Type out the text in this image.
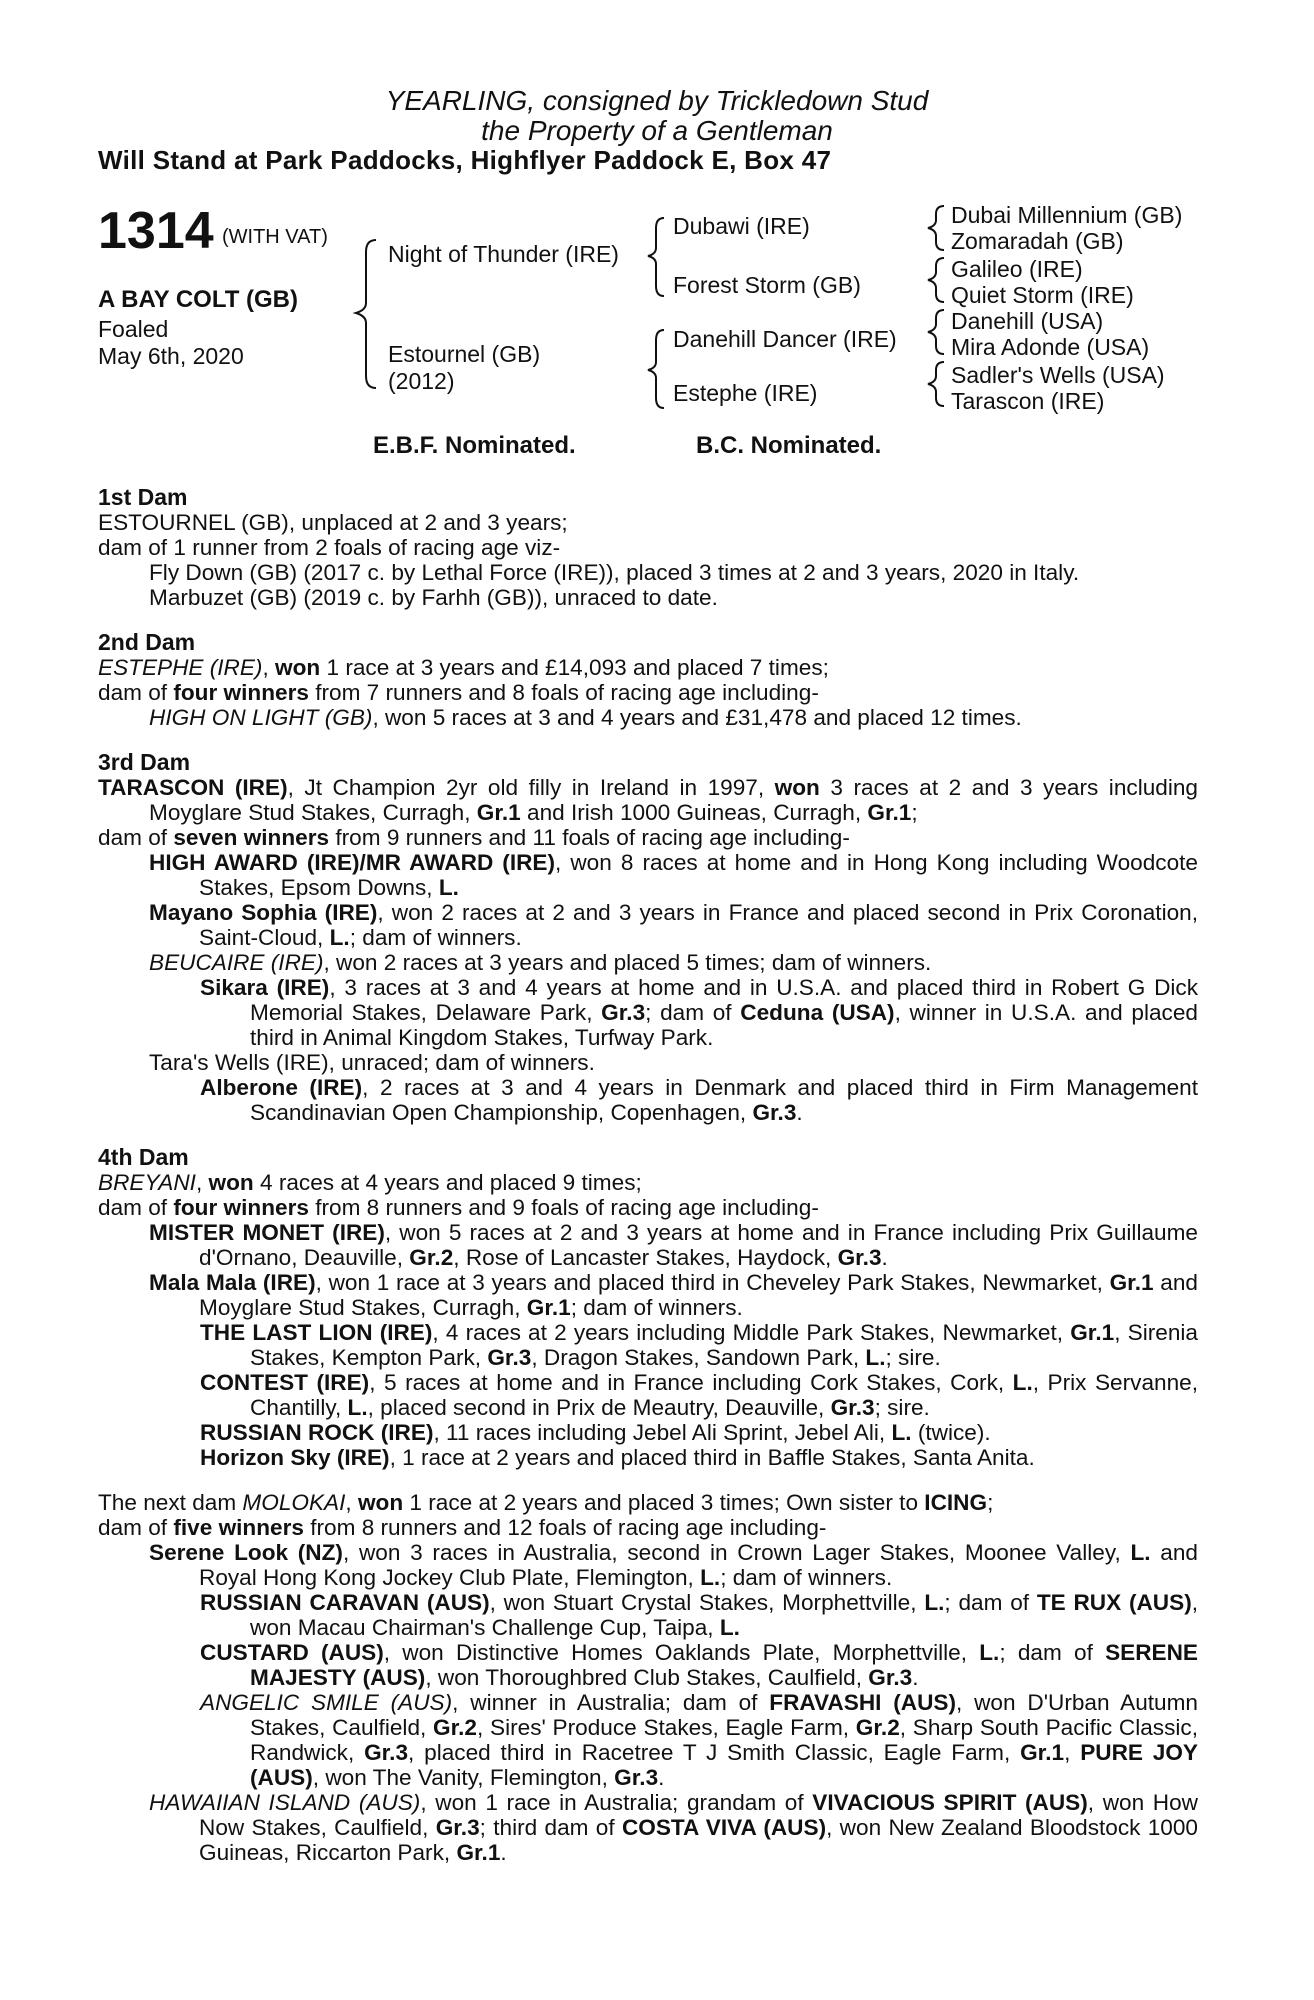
YEARLING, consigned by Trickledown Stud
the Property of a Gentleman
Will Stand at Park Paddocks, Highflyer Paddock E, Box 47
1314 (WITH VAT)
A BAY COLT (GB)
Foaled
May 6th, 2020
Night of Thunder (IRE)
Estournel (GB)
(2012)
Dubawi (IRE)
Forest Storm (GB)
Danehill Dancer (IRE)
Estephe (IRE)
Dubai Millennium (GB)
Zomaradah (GB)
Galileo (IRE)
Quiet Storm (IRE)
Danehill (USA)
Mira Adonde (USA)
Sadler's Wells (USA)
Tarascon (IRE)
E.B.F. Nominated.	B.C. Nominated.

1st Dam

ESTOURNEL (GB), unplaced at 2 and 3 years;

dam of 1 runner from 2 foals of racing age viz-

Fly Down (GB) (2017 c. by Lethal Force (IRE)), placed 3 times at 2 and 3 years, 2020 in Italy.

Marbuzet (GB) (2019 c. by Farhh (GB)), unraced to date.

2nd Dam

ESTEPHE (IRE), won 1 race at 3 years and £14,093 and placed 7 times;

dam of four winners from 7 runners and 8 foals of racing age including-

HIGH ON LIGHT (GB), won 5 races at 3 and 4 years and £31,478 and placed 12 times.

3rd Dam

TARASCON (IRE), Jt Champion 2yr old filly in Ireland in 1997, won 3 races at 2 and 3 years including Moyglare Stud Stakes, Curragh, Gr.1 and Irish 1000 Guineas, Curragh, Gr.1;

dam of seven winners from 9 runners and 11 foals of racing age including-

HIGH AWARD (IRE)/MR AWARD (IRE), won 8 races at home and in Hong Kong including Woodcote Stakes, Epsom Downs, L.

Mayano Sophia (IRE), won 2 races at 2 and 3 years in France and placed second in Prix Coronation, Saint-Cloud, L.; dam of winners.

BEUCAIRE (IRE), won 2 races at 3 years and placed 5 times; dam of winners.

Sikara (IRE), 3 races at 3 and 4 years at home and in U.S.A. and placed third in Robert G Dick Memorial Stakes, Delaware Park, Gr.3; dam of Ceduna (USA), winner in U.S.A. and placed third in Animal Kingdom Stakes, Turfway Park.

Tara's Wells (IRE), unraced; dam of winners.

Alberone (IRE), 2 races at 3 and 4 years in Denmark and placed third in Firm Management Scandinavian Open Championship, Copenhagen, Gr.3.

4th Dam

BREYANI, won 4 races at 4 years and placed 9 times;

dam of four winners from 8 runners and 9 foals of racing age including-

MISTER MONET (IRE), won 5 races at 2 and 3 years at home and in France including Prix Guillaume d'Ornano, Deauville, Gr.2, Rose of Lancaster Stakes, Haydock, Gr.3.

Mala Mala (IRE), won 1 race at 3 years and placed third in Cheveley Park Stakes, Newmarket, Gr.1 and Moyglare Stud Stakes, Curragh, Gr.1; dam of winners.

THE LAST LION (IRE), 4 races at 2 years including Middle Park Stakes, Newmarket, Gr.1, Sirenia Stakes, Kempton Park, Gr.3, Dragon Stakes, Sandown Park, L.; sire.

CONTEST (IRE), 5 races at home and in France including Cork Stakes, Cork, L., Prix Servanne, Chantilly, L., placed second in Prix de Meautry, Deauville, Gr.3; sire.

RUSSIAN ROCK (IRE), 11 races including Jebel Ali Sprint, Jebel Ali, L. (twice).

Horizon Sky (IRE), 1 race at 2 years and placed third in Baffle Stakes, Santa Anita.

The next dam MOLOKAI, won 1 race at 2 years and placed 3 times; Own sister to ICING;

dam of five winners from 8 runners and 12 foals of racing age including-

Serene Look (NZ), won 3 races in Australia, second in Crown Lager Stakes, Moonee Valley, L. and Royal Hong Kong Jockey Club Plate, Flemington, L.; dam of winners.

RUSSIAN CARAVAN (AUS), won Stuart Crystal Stakes, Morphettville, L.; dam of TE RUX (AUS), won Macau Chairman's Challenge Cup, Taipa, L.

CUSTARD (AUS), won Distinctive Homes Oaklands Plate, Morphettville, L.; dam of SERENE MAJESTY (AUS), won Thoroughbred Club Stakes, Caulfield, Gr.3.

ANGELIC SMILE (AUS), winner in Australia; dam of FRAVASHI (AUS), won D'Urban Autumn Stakes, Caulfield, Gr.2, Sires' Produce Stakes, Eagle Farm, Gr.2, Sharp South Pacific Classic, Randwick, Gr.3, placed third in Racetree T J Smith Classic, Eagle Farm, Gr.1, PURE JOY (AUS), won The Vanity, Flemington, Gr.3.

HAWAIIAN ISLAND (AUS), won 1 race in Australia; grandam of VIVACIOUS SPIRIT (AUS), won How Now Stakes, Caulfield, Gr.3; third dam of COSTA VIVA (AUS), won New Zealand Bloodstock 1000 Guineas, Riccarton Park, Gr.1.
